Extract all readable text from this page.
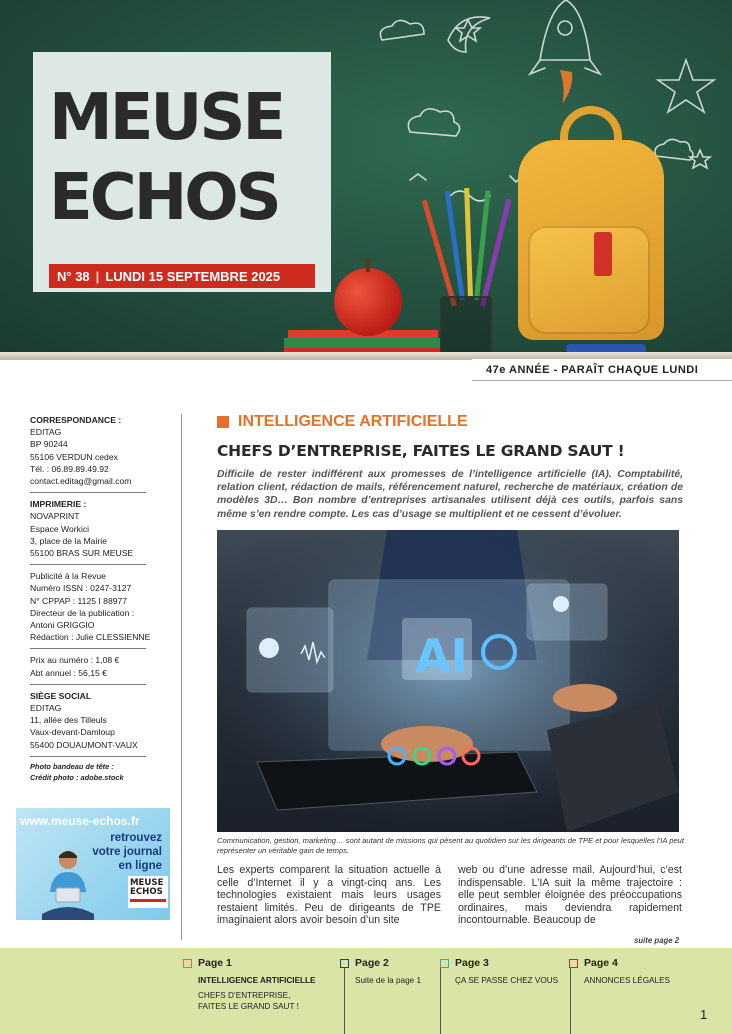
MEUSE
ECHOS
N° 38 | LUNDI 15 SEPTEMBRE 2025
47e ANNÉE - PARAÎT CHAQUE LUNDI
CORRESPONDANCE :
EDITAG
BP 90244
55106 VERDUN cedex
Tél. : 06.89.89.49.92
contact.editag@gmail.com
IMPRIMERIE :
NOVAPRINT
Espace Workici
3, place de la Mairie
55100 BRAS SUR MEUSE
Publicité à la Revue
Numéro ISSN : 0247-3127
N° CPPAP : 1125 I 88977
Directeur de la publication :
Antoni GRIGGIO
Rédaction : Julie CLESSIENNE
Prix au numéro : 1,08 €
Abt annuel : 56,15 €
SIÈGE SOCIAL
EDITAG
11, allée des Tilleuls
Vaux-devant-Damloup
55400 DOUAUMONT-VAUX
Photo bandeau de tête :
Crédit photo : adobe.stock
www.meuse-echos.fr
retrouvez
votre journal
en ligne
MEUSE
ECHOS
INTELLIGENCE ARTIFICIELLE
CHEFS D’ENTREPRISE, FAITES LE GRAND SAUT !
Difficile de rester indifférent aux promesses de l’intelligence artificielle (IA). Comptabilité, relation client, rédaction de mails, référencement naturel, recherche de matériaux, création de modèles 3D… Bon nombre d’entreprises artisanales utilisent déjà ces outils, parfois sans même s’en rendre compte. Les cas d’usage se multiplient et ne cessent d’évoluer.
AI
Communication, gestion, marketing… sont autant de missions qui pèsent au quotidien sur les dirigeants de TPE et pour lesquelles l’IA peut représenter un véritable gain de temps.
Les experts comparent la situation actuelle à celle d’Internet il y a vingt-cinq ans. Les technologies existaient mais leurs usages restaient limités. Peu de dirigeants de TPE imaginaient alors avoir besoin d’un site
web ou d’une adresse mail. Aujourd’hui, c’est indispensable. L’IA suit la même trajectoire : elle peut sembler éloignée des préoccupations ordinaires, mais deviendra rapidement incontournable. Beaucoup de
suite page 2
Page 1
INTELLIGENCE ARTIFICIELLE
CHEFS D’ENTREPRISE,
FAITES LE GRAND SAUT !
Page 2
Suite de la page 1
Page 3
ÇA SE PASSE CHEZ VOUS
Page 4
ANNONCES LÉGALES
1
